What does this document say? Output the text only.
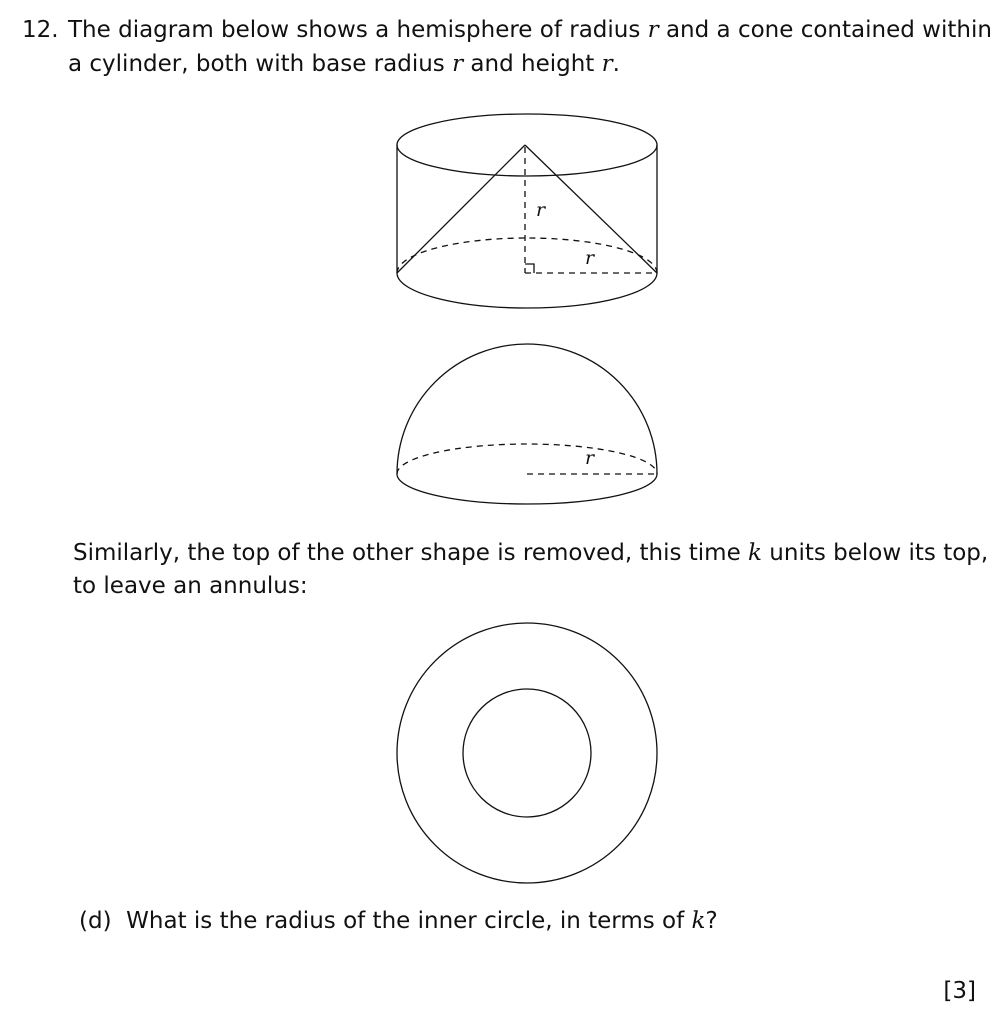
12. The diagram below shows a hemisphere of radius r and a cone contained within
a cylinder, both with base radius r and height r.
r
r
r
Similarly, the top of the other shape is removed, this time k units below its top,
to leave an annulus:
(d) What is the radius of the inner circle, in terms of k?
[3]
